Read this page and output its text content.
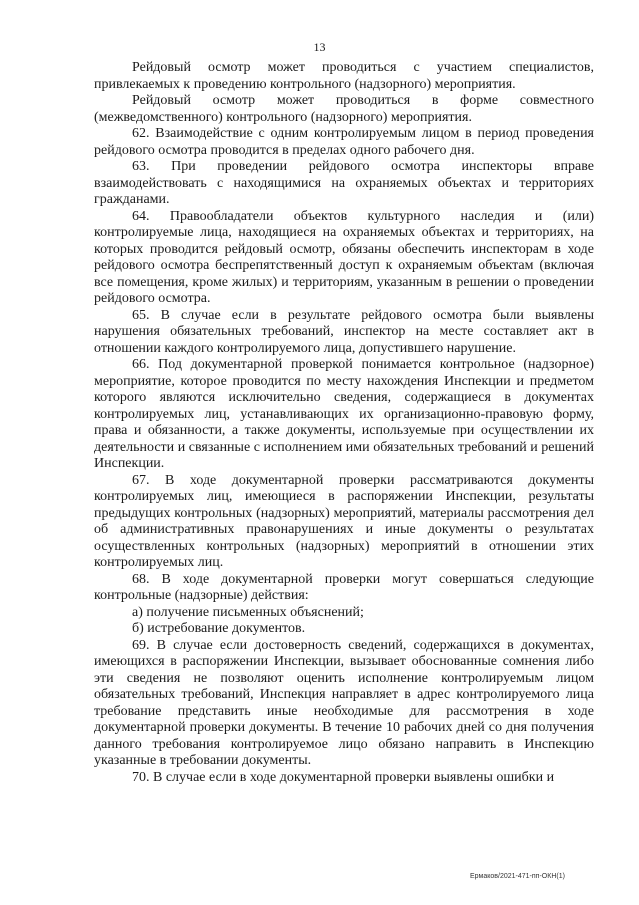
13

Рейдовый осмотр может проводиться с участием специалистов, привлекаемых к проведению контрольного (надзорного) мероприятия.

Рейдовый осмотр может проводиться в форме совместного (межведомственного) контрольного (надзорного) мероприятия.

62. Взаимодействие с одним контролируемым лицом в период проведения рейдового осмотра проводится в пределах одного рабочего дня.

63. При проведении рейдового осмотра инспекторы вправе взаимодействовать с находящимися на охраняемых объектах и территориях гражданами.

64. Правообладатели объектов культурного наследия и (или) контролируемые лица, находящиеся на охраняемых объектах и территориях, на которых проводится рейдовый осмотр, обязаны обеспечить инспекторам в ходе рейдового осмотра беспрепятственный доступ к охраняемым объектам (включая все помещения, кроме жилых) и территориям, указанным в решении о проведении рейдового осмотра.

65. В случае если в результате рейдового осмотра были выявлены нарушения обязательных требований, инспектор на месте составляет акт в отношении каждого контролируемого лица, допустившего нарушение.

66. Под документарной проверкой понимается контрольное (надзорное) мероприятие, которое проводится по месту нахождения Инспекции и предметом которого являются исключительно сведения, содержащиеся в документах контролируемых лиц, устанавливающих их организационно-правовую форму, права и обязанности, а также документы, используемые при осуществлении их деятельности и связанные с исполнением ими обязательных требований и решений Инспекции.

67. В ходе документарной проверки рассматриваются документы контролируемых лиц, имеющиеся в распоряжении Инспекции, результаты предыдущих контрольных (надзорных) мероприятий, материалы рассмотрения дел об административных правонарушениях и иные документы о результатах осуществленных контрольных (надзорных) мероприятий в отношении этих контролируемых лиц.

68. В ходе документарной проверки могут совершаться следующие контрольные (надзорные) действия:

а) получение письменных объяснений;

б) истребование документов.

69. В случае если достоверность сведений, содержащихся в документах, имеющихся в распоряжении Инспекции, вызывает обоснованные сомнения либо эти сведения не позволяют оценить исполнение контролируемым лицом обязательных требований, Инспекция направляет в адрес контролируемого лица требование представить иные необходимые для рассмотрения в ходе документарной проверки документы. В течение 10 рабочих дней со дня получения данного требования контролируемое лицо обязано направить в Инспекцию указанные в требовании документы.

70. В случае если в ходе документарной проверки выявлены ошибки и

Ермаков/2021-471-пп-ОКН(1)
